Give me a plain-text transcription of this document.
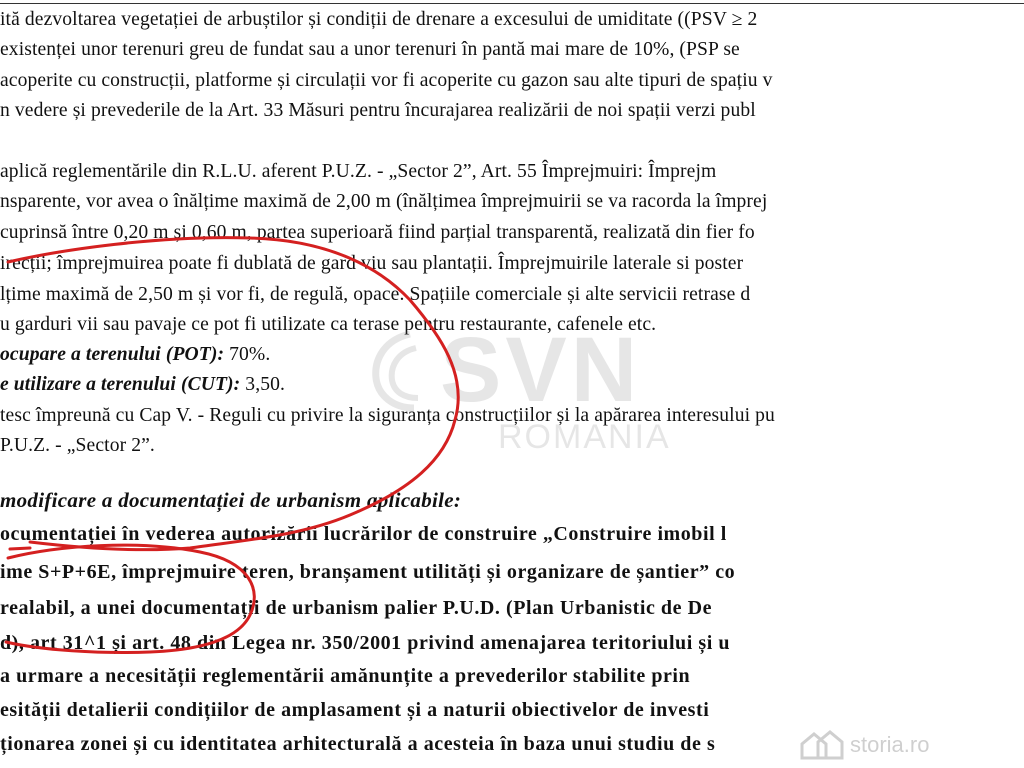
ită dezvoltarea vegetației de arbuștilor și condiții de drenare a excesului de umiditate ((PSV ≥ 2
existenței unor terenuri greu de fundat sau a unor terenuri în pantă mai mare de 10%, (PSP se
acoperite cu construcții, platforme și circulații vor fi acoperite cu gazon sau alte tipuri de spațiu v
n vedere și prevederile de la Art. 33 Măsuri pentru încurajarea realizării de noi spații verzi publ
aplică reglementările din R.L.U. aferent P.U.Z. - „Sector 2”, Art. 55 Împrejmuiri: Împrejm
nsparente, vor avea o înălțime maximă de 2,00 m (înălțimea împrejmuirii se va racorda la împrej
cuprinsă între 0,20 m și 0,60 m, partea superioară fiind parțial transparentă, realizată din fier fo
irecții; împrejmuirea poate fi dublată de gard viu sau plantații. Împrejmuirile laterale si poster
lțime maximă de 2,50 m și vor fi, de regulă, opace. Spațiile comerciale și alte servicii retrase d
u garduri vii sau pavaje ce pot fi utilizate ca terase pentru restaurante, cafenele etc.
ocupare a terenului (POT): 70%.
e utilizare a terenului (CUT): 3,50.
tesc împreună cu Cap V. - Reguli cu privire la siguranța construcțiilor și la apărarea interesului pu
P.U.Z. - „Sector 2”.
modificare a documentației de urbanism aplicabile:
ocumentației în vederea autorizării lucrărilor de construire „Construire imobil l
ime S+P+6E, împrejmuire teren, branșament utilități și organizare de șantier” co
realabil, a unei documentații de urbanism palier P.U.D. (Plan Urbanistic de De
d), art 31^1 și art. 48 din Legea nr. 350/2001 privind amenajarea teritoriului și u
a urmare a necesității reglementării amănunțite a prevederilor stabilite prin
esității detalierii condițiilor de amplasament și a naturii obiectivelor de investi
ționarea zonei și cu identitatea arhitecturală a acesteia în baza unui studiu de s
SVN
ROMANIA
storia.ro
